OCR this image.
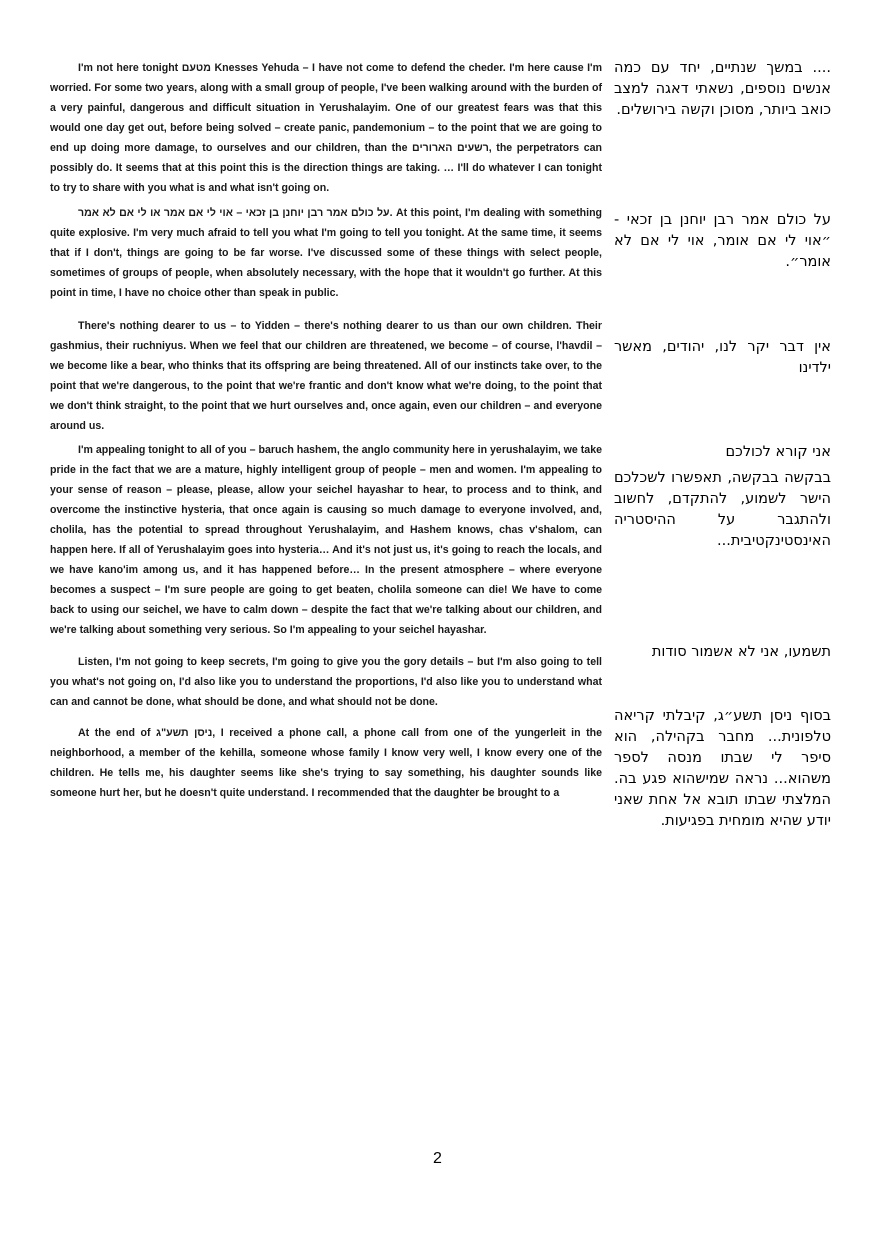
I'm not here tonight מטעם Knesses Yehuda – I have not come to defend the cheder. I'm here cause I'm worried. For some two years, along with a small group of people, I've been walking around with the burden of a very painful, dangerous and difficult situation in Yerushalayim. One of our greatest fears was that this would one day get out, before being solved – create panic, pandemonium – to the point that we are going to end up doing more damage, to ourselves and our children, than the רשעים הארורים, the perpetrators can possibly do. It seems that at this point this is the direction things are taking. … I'll do whatever I can tonight to try to share with you what is and what isn't going on.

על כולם אמר רבן יוחנן בן זכאי – אוי לי אם אמר או לי אם לא אמר. At this point, I'm dealing with something quite explosive. I'm very much afraid to tell you what I'm going to tell you tonight. At the same time, it seems that if I don't, things are going to be far worse. I've discussed some of these things with select people, sometimes of groups of people, when absolutely necessary, with the hope that it wouldn't go further. At this point in time, I have no choice other than speak in public.

There's nothing dearer to us – to Yidden – there's nothing dearer to us than our own children. Their gashmius, their ruchniyus. When we feel that our children are threatened, we become – of course, l'havdil – we become like a bear, who thinks that its offspring are being threatened. All of our instincts take over, to the point that we're dangerous, to the point that we're frantic and don't know what we're doing, to the point that we don't think straight, to the point that we hurt ourselves and, once again, even our children – and everyone around us.

I'm appealing tonight to all of you – baruch hashem, the anglo community here in yerushalayim, we take pride in the fact that we are a mature, highly intelligent group of people – men and women. I'm appealing to your sense of reason – please, please, allow your seichel hayashar to hear, to process and to think, and overcome the instinctive hysteria, that once again is causing so much damage to everyone involved, and, cholila, has the potential to spread throughout Yerushalayim, and Hashem knows, chas v'shalom, can happen here. If all of Yerushalayim goes into hysteria… And it's not just us, it's going to reach the locals, and we have kano'im among us, and it has happened before… In the present atmosphere – where everyone becomes a suspect – I'm sure people are going to get beaten, cholila someone can die! We have to come back to using our seichel, we have to calm down – despite the fact that we're talking about our children, and we're talking about something very serious. So I'm appealing to your seichel hayashar.

Listen, I'm not going to keep secrets, I'm going to give you the gory details – but I'm also going to tell you what's not going on, I'd also like you to understand the proportions, I'd also like you to understand what can and cannot be done, what should be done, and what should not be done.

At the end of ניסן תשע"ג, I received a phone call, a phone call from one of the yungerleit in the neighborhood, a member of the kehilla, someone whose family I know very well, I know every one of the children. He tells me, his daughter seems like she's trying to say something, his daughter sounds like someone hurt her, but he doesn't quite understand. I recommended that the daughter be brought to a

.... במשך שנתיים, יחד עם כמה אנשים נוספים, נשאתי דאגה למצב כואב ביותר, מסוכן וקשה בירושלים.

על כולם אמר רבן יוחנן בן זכאי - ״אוי לי אם אומר, אוי לי אם לא אומר״.

אין דבר יקר לנו, יהודים, מאשר ילדינו

אני קורא לכולכם

בבקשה בבקשה, תאפשרו לשכלכם הישר לשמוע, להתקדם, לחשוב ולהתגבר על ההיסטריה האינסטינקטיבית...

תשמעו, אני לא אשמור סודות

בסוף ניסן תשע״ג, קיבלתי קריאה טלפונית... מחבר בקהילה, הוא סיפר לי שבתו מנסה לספר משהוא... נראה שמישהוא פגע בה. המלצתי שבתו תובא אל אחת שאני יודע שהיא מומחית בפגיעות.

2
